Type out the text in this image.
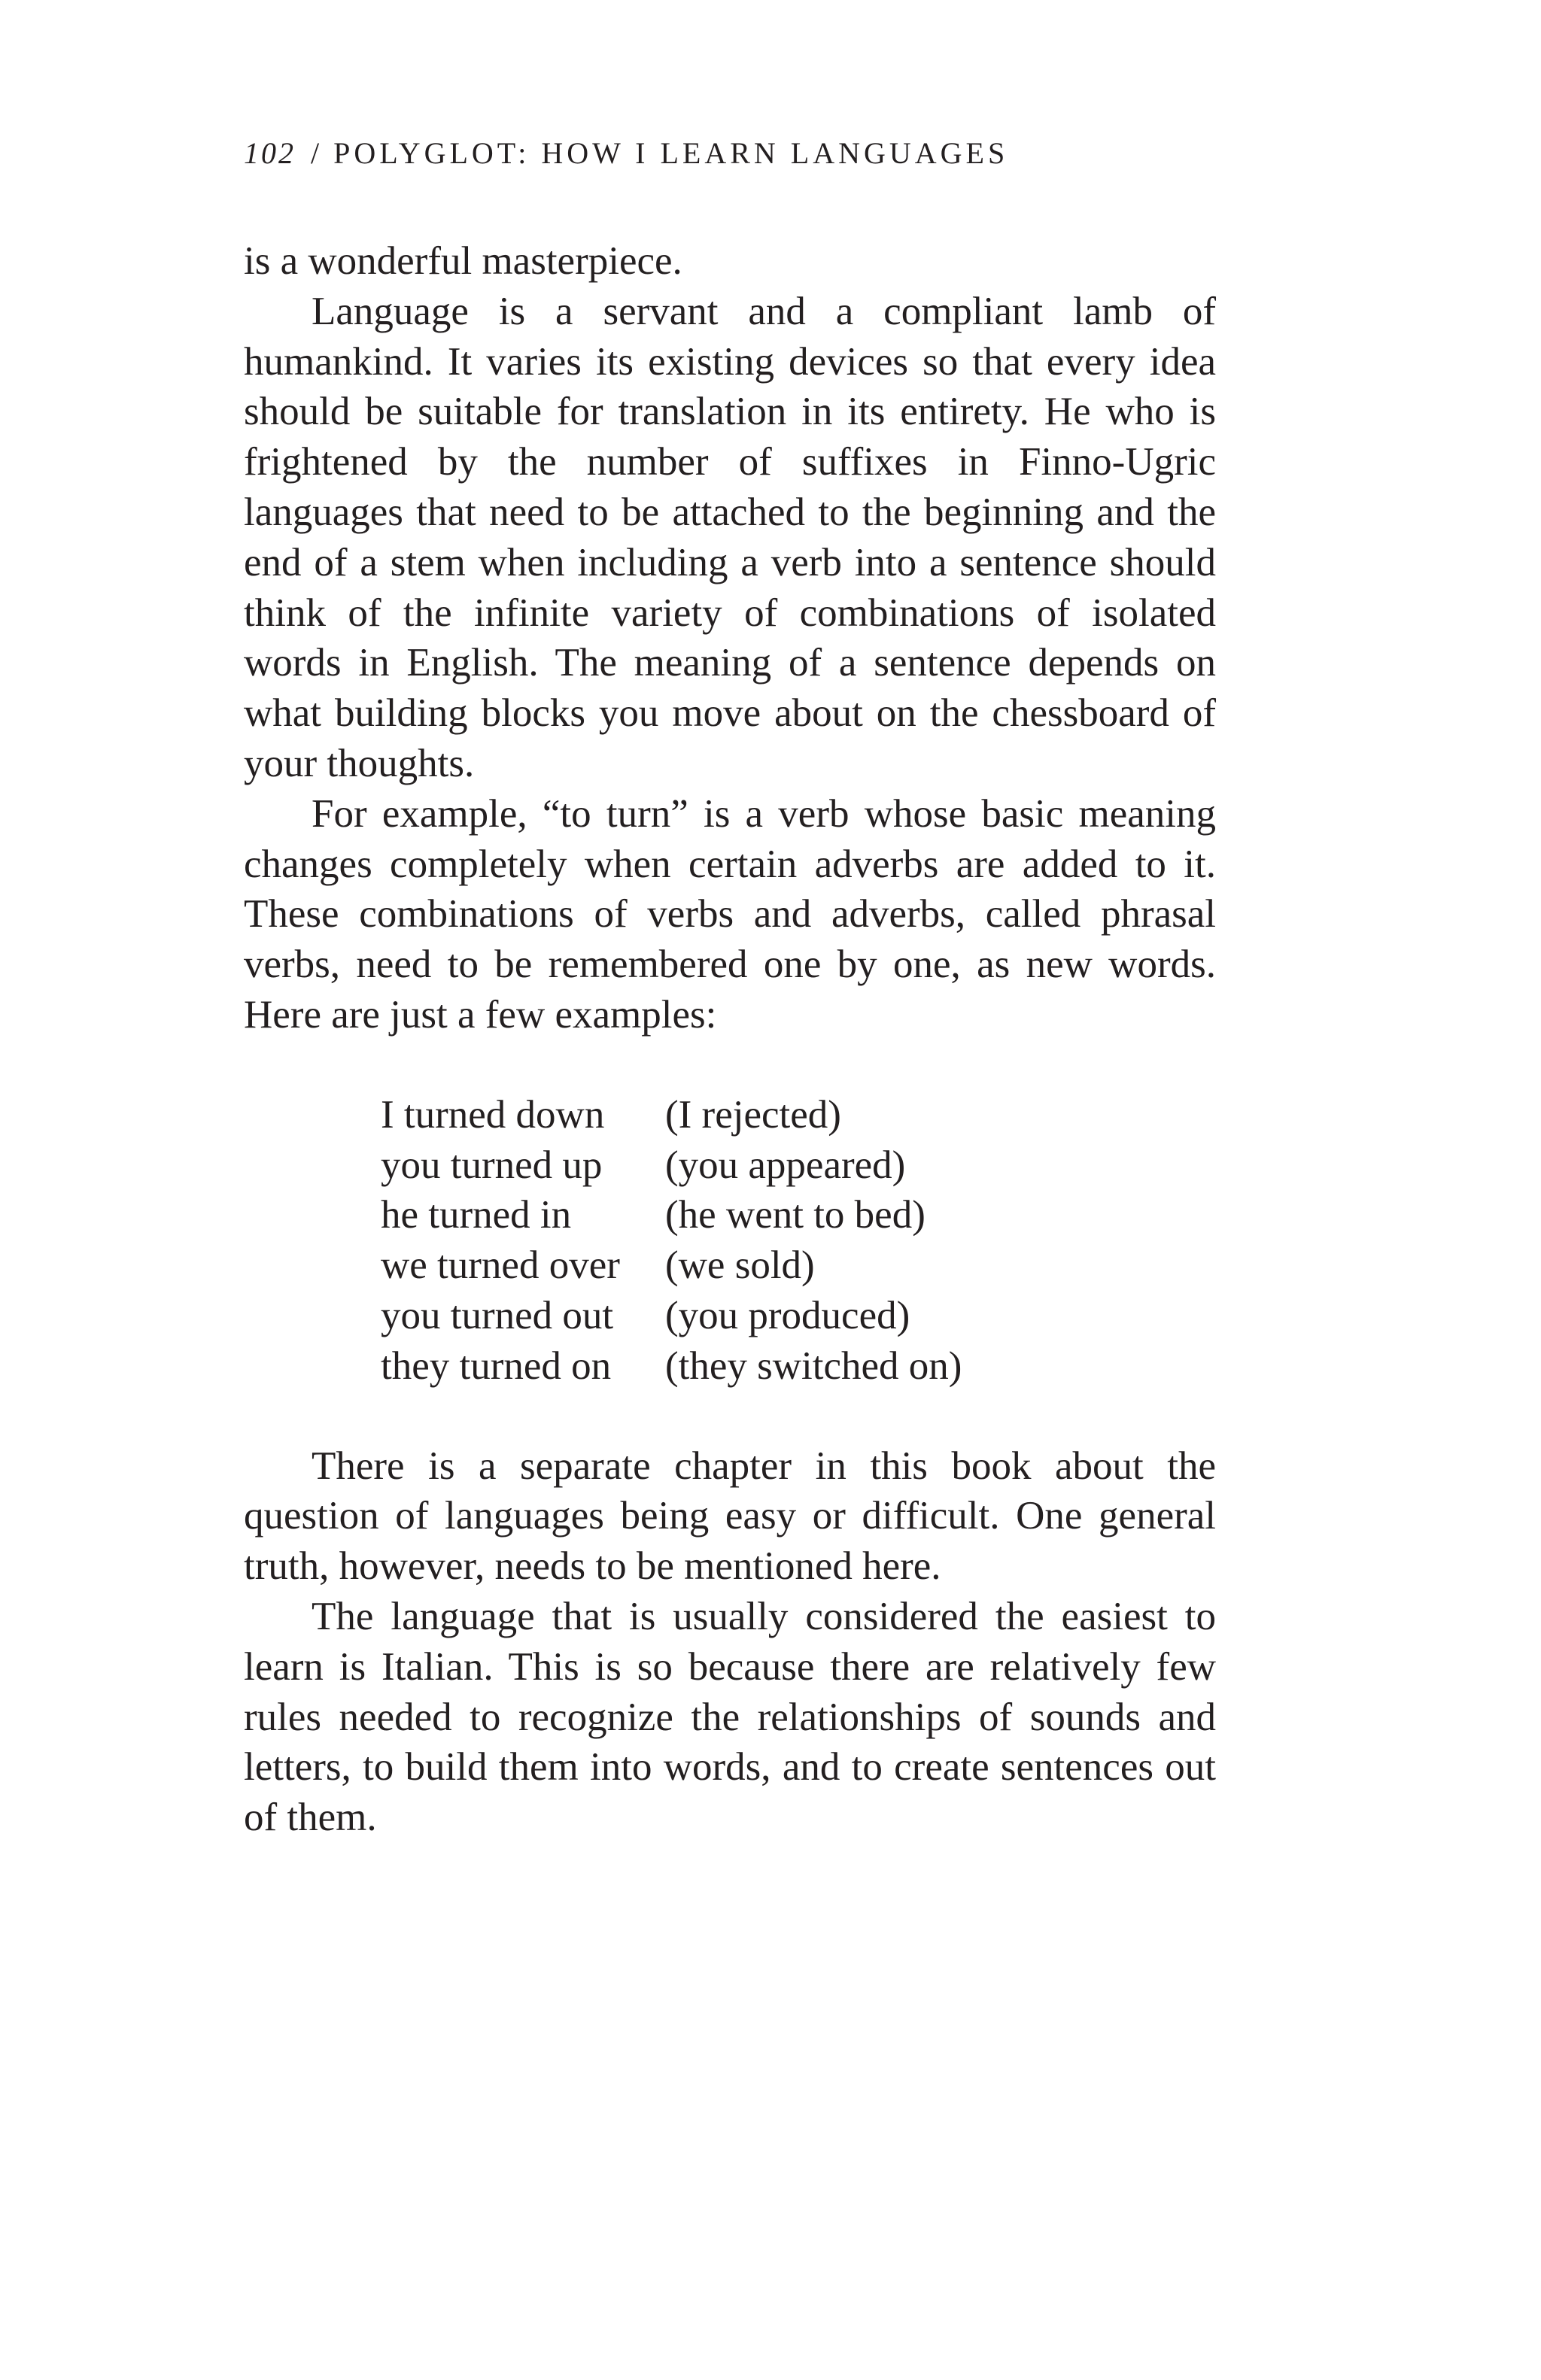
102 / POLYGLOT: HOW I LEARN LANGUAGES

is a wonderful masterpiece.

Language is a servant and a compliant lamb of humankind. It varies its existing devices so that every idea should be suitable for translation in its entirety. He who is frightened by the number of suffixes in Finno-Ugric languages that need to be attached to the beginning and the end of a stem when including a verb into a sentence should think of the infinite variety of combinations of isolated words in English. The meaning of a sentence depends on what building blocks you move about on the chessboard of your thoughts.

For example, “to turn” is a verb whose basic meaning changes completely when certain adverbs are added to it. These combinations of verbs and adverbs, called phrasal verbs, need to be remembered one by one, as new words. Here are just a few examples:

I turned down	(I rejected)
you turned up	(you appeared)
he turned in	(he went to bed)
we turned over	(we sold)
you turned out	(you produced)
they turned on	(they switched on)

There is a separate chapter in this book about the question of languages being easy or difficult. One general truth, however, needs to be mentioned here.

The language that is usually considered the easiest to learn is Italian. This is so because there are relatively few rules needed to recognize the relationships of sounds and letters, to build them into words, and to create sentences out of them.
